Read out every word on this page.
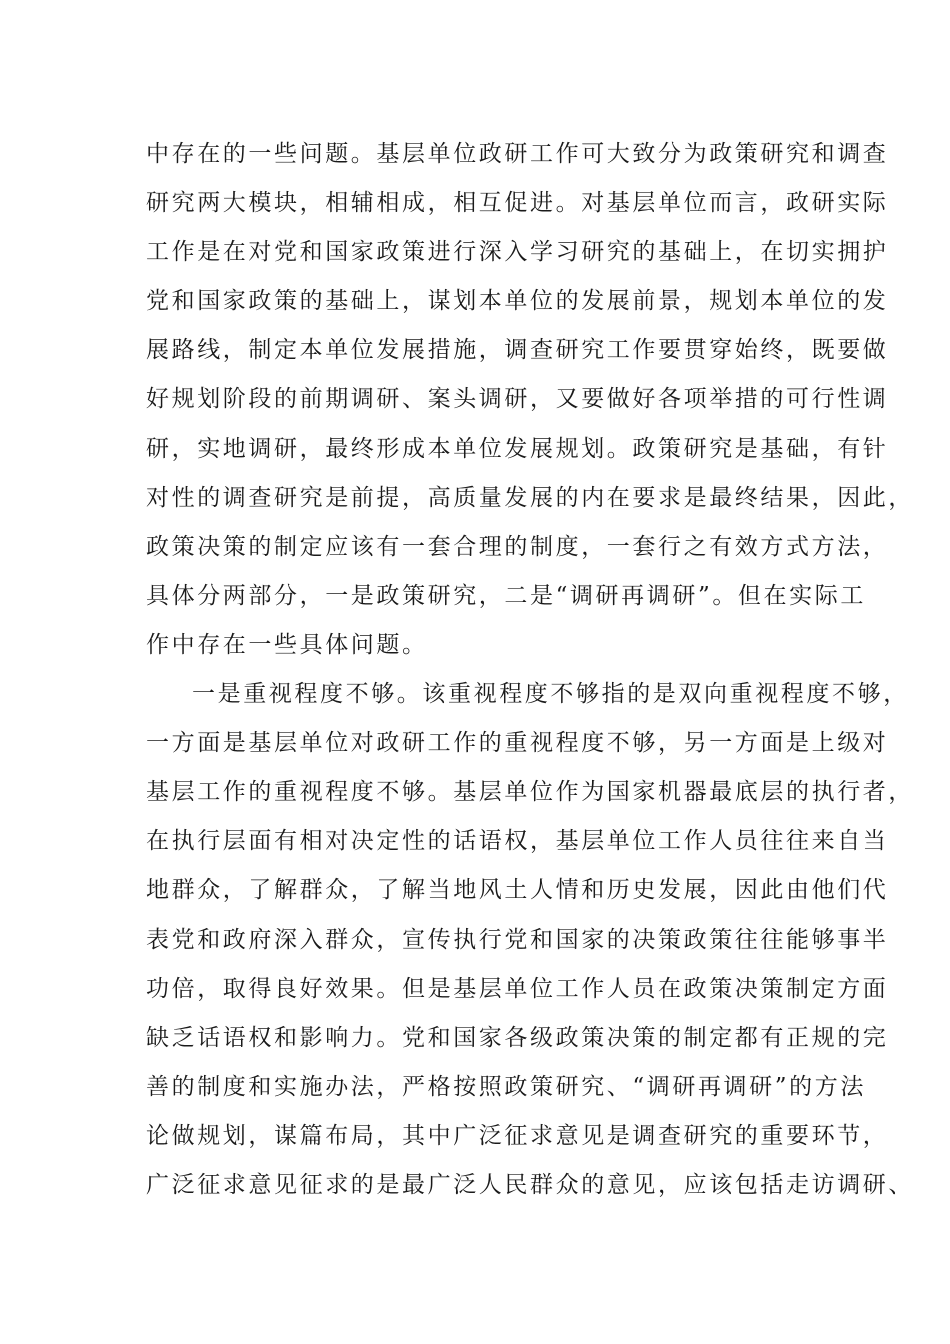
中存在的一些问题。基层单位政研工作可大致分为政策研究和调查
研究两大模块，相辅相成，相互促进。对基层单位而言，政研实际
工作是在对党和国家政策进行深入学习研究的基础上，在切实拥护
党和国家政策的基础上，谋划本单位的发展前景，规划本单位的发
展路线，制定本单位发展措施，调查研究工作要贯穿始终，既要做
好规划阶段的前期调研、案头调研，又要做好各项举措的可行性调
研，实地调研，最终形成本单位发展规划。政策研究是基础，有针
对性的调查研究是前提，高质量发展的内在要求是最终结果，因此，
政策决策的制定应该有一套合理的制度，一套行之有效方式方法，
具体分两部分，一是政策研究，二是“调研再调研”。但在实际工
作中存在一些具体问题。
一是重视程度不够。该重视程度不够指的是双向重视程度不够，
一方面是基层单位对政研工作的重视程度不够，另一方面是上级对
基层工作的重视程度不够。基层单位作为国家机器最底层的执行者，
在执行层面有相对决定性的话语权，基层单位工作人员往往来自当
地群众，了解群众，了解当地风土人情和历史发展，因此由他们代
表党和政府深入群众，宣传执行党和国家的决策政策往往能够事半
功倍，取得良好效果。但是基层单位工作人员在政策决策制定方面
缺乏话语权和影响力。党和国家各级政策决策的制定都有正规的完
善的制度和实施办法，严格按照政策研究、“调研再调研”的方法
论做规划，谋篇布局，其中广泛征求意见是调查研究的重要环节，
广泛征求意见征求的是最广泛人民群众的意见，应该包括走访调研、
